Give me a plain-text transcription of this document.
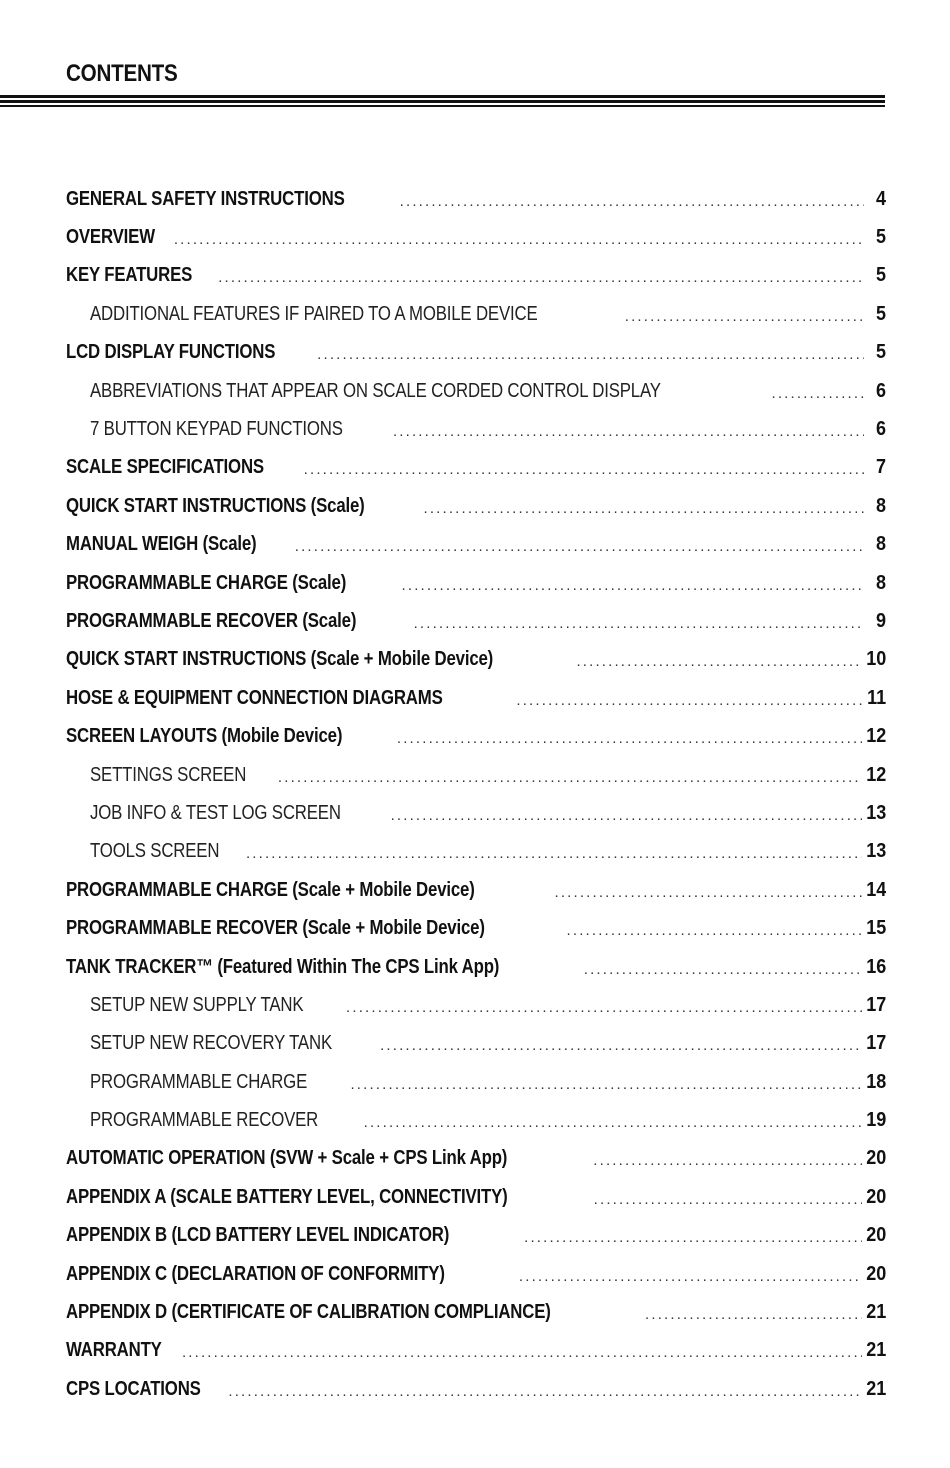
CONTENTS
GENERAL SAFETY INSTRUCTIONS . . .	4
OVERVIEW . . .	5
KEY FEATURES . . .	5
ADDITIONAL FEATURES IF PAIRED TO A MOBILE DEVICE . . .	5
LCD DISPLAY FUNCTIONS . . .	5
ABBREVIATIONS THAT APPEAR ON SCALE CORDED CONTROL DISPLAY . . .	6
7 BUTTON KEYPAD FUNCTIONS . . .	6
SCALE SPECIFICATIONS . . .	7
QUICK START INSTRUCTIONS (Scale) . . .	8
MANUAL WEIGH (Scale) . . .	8
PROGRAMMABLE CHARGE (Scale) . . .	8
PROGRAMMABLE RECOVER (Scale) . . .	9
QUICK START INSTRUCTIONS (Scale + Mobile Device) . . .	10
HOSE & EQUIPMENT CONNECTION DIAGRAMS . . .	11
SCREEN LAYOUTS (Mobile Device) . . .	12
SETTINGS SCREEN . . .	12
JOB INFO & TEST LOG SCREEN . . .	13
TOOLS SCREEN . . .	13
PROGRAMMABLE CHARGE (Scale + Mobile Device) . . .	14
PROGRAMMABLE RECOVER (Scale + Mobile Device) . . .	15
TANK TRACKER™ (Featured Within The CPS Link App) . . .	16
SETUP NEW SUPPLY TANK . . .	17
SETUP NEW RECOVERY TANK . . .	17
PROGRAMMABLE CHARGE . . .	18
PROGRAMMABLE RECOVER . . .	19
AUTOMATIC OPERATION (SVW + Scale + CPS Link App) . . .	20
APPENDIX A (SCALE BATTERY LEVEL, CONNECTIVITY) . . .	20
APPENDIX B (LCD BATTERY LEVEL INDICATOR) . . .	20
APPENDIX C (DECLARATION OF CONFORMITY) . . .	20
APPENDIX D (CERTIFICATE OF CALIBRATION COMPLIANCE) . . .	21
WARRANTY . . .	21
CPS LOCATIONS . . .	21
